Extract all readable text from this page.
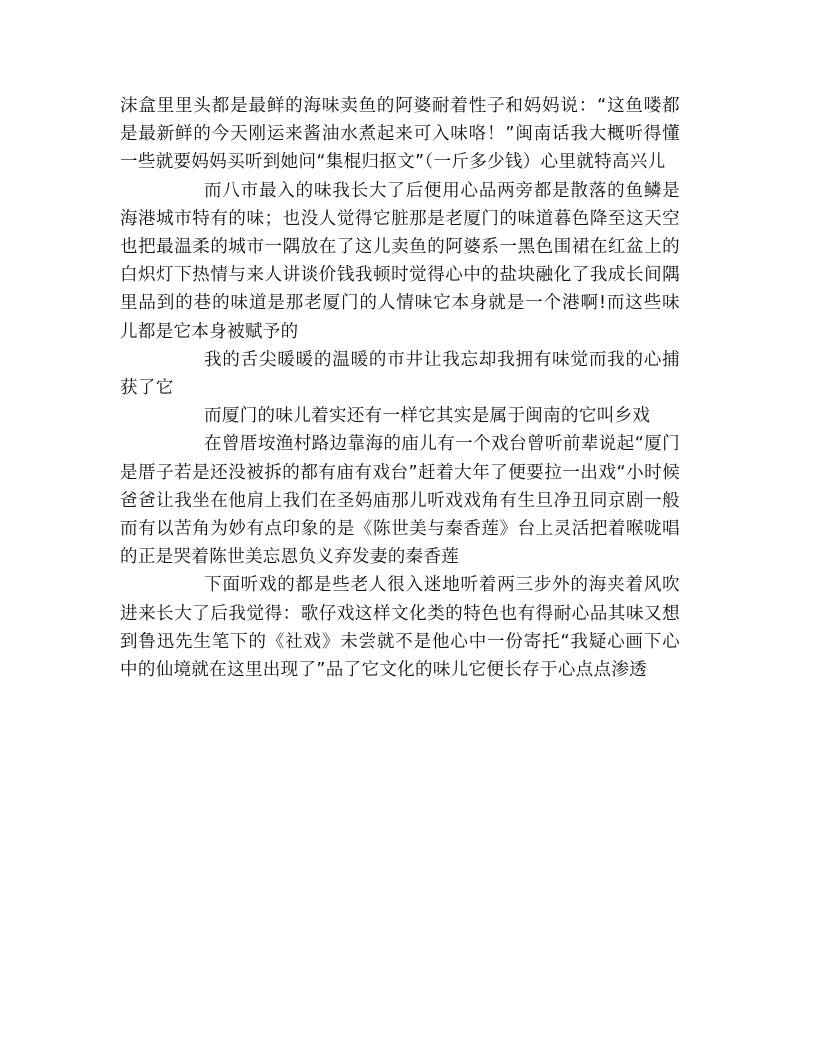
沫盒里里头都是最鲜的海味卖鱼的阿婆耐着性子和妈妈说：“这鱼喽都是最新鲜的今天刚运来酱油水煮起来可入味咯！”闽南话我大概听得懂一些就要妈妈买听到她问“集棍归抠文”（一斤多少钱）心里就特高兴儿

而八市最入的味我长大了后便用心品两旁都是散落的鱼鳞是海港城市特有的味；也没人觉得它脏那是老厦门的味道暮色降至这天空也把最温柔的城市一隅放在了这儿卖鱼的阿婆系一黑色围裙在红盆上的白炽灯下热情与来人讲谈价钱我顿时觉得心中的盐块融化了我成长间隅里品到的巷的味道是那老厦门的人情味它本身就是一个港啊!而这些味儿都是它本身被赋予的

我的舌尖暖暖的温暖的市井让我忘却我拥有味觉而我的心捕获了它

而厦门的味儿着实还有一样它其实是属于闽南的它叫乡戏

在曾厝垵渔村路边靠海的庙儿有一个戏台曾听前辈说起“厦门是厝子若是还没被拆的都有庙有戏台”赶着大年了便要拉一出戏“小时候爸爸让我坐在他肩上我们在圣妈庙那儿听戏戏角有生旦净丑同京剧一般而有以苦角为妙有点印象的是《陈世美与秦香莲》台上灵活把着喉咙唱的正是哭着陈世美忘恩负义弃发妻的秦香莲

下面听戏的都是些老人很入迷地听着两三步外的海夹着风吹进来长大了后我觉得：歌仔戏这样文化类的特色也有得耐心品其味又想到鲁迅先生笔下的《社戏》未尝就不是他心中一份寄托“我疑心画下心中的仙境就在这里出现了”品了它文化的味儿它便长存于心点点渗透
